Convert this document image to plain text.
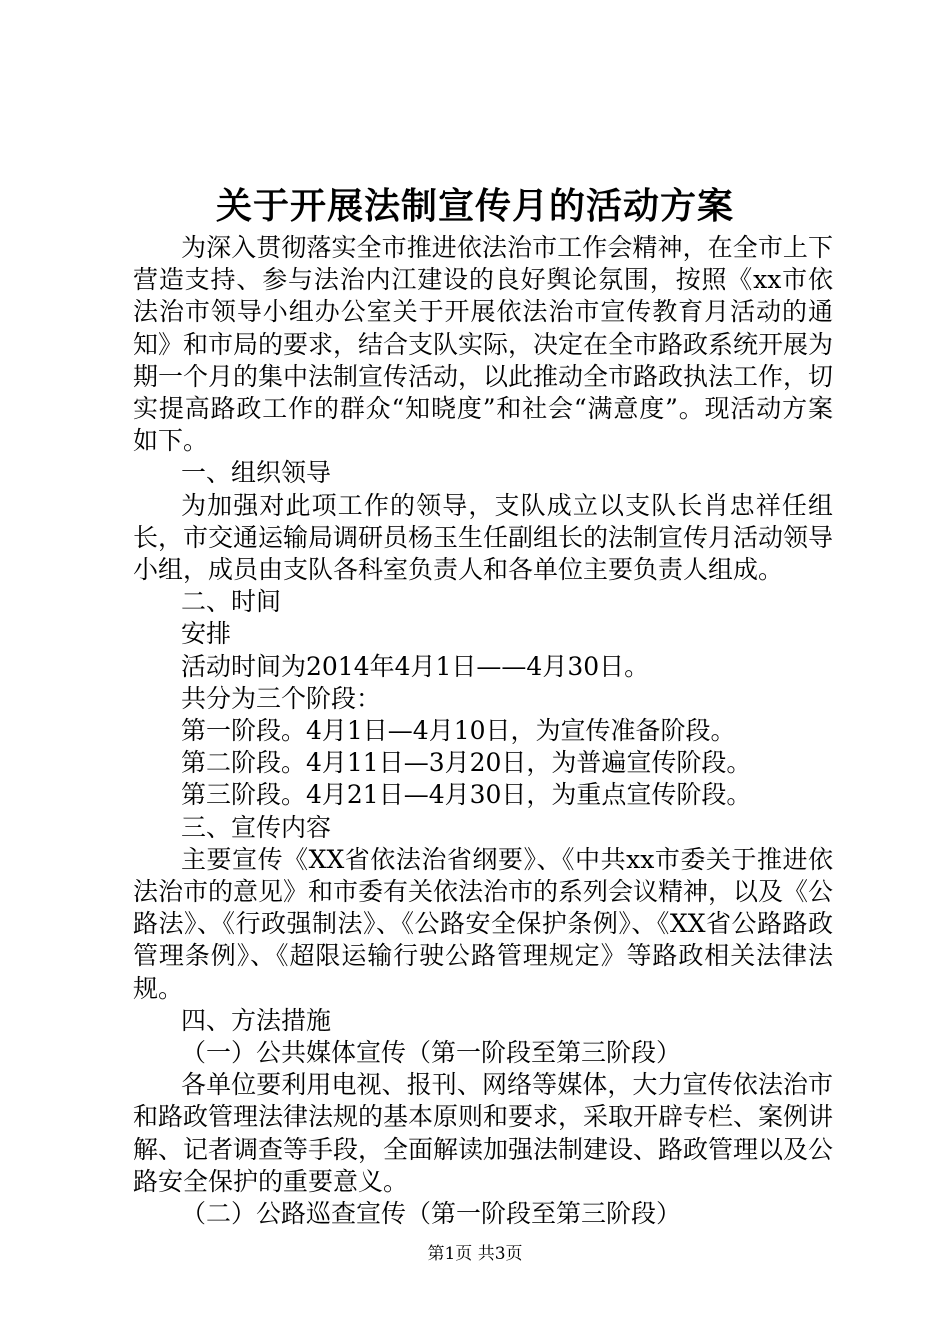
关于开展法制宣传月的活动方案

为深入贯彻落实全市推进依法治市工作会精神，在全市上下营造支持、参与法治内江建设的良好舆论氛围，按照《xx市依法治市领导小组办公室关于开展依法治市宣传教育月活动的通知》和市局的要求，结合支队实际，决定在全市路政系统开展为期一个月的集中法制宣传活动，以此推动全市路政执法工作，切实提高路政工作的群众“知晓度”和社会“满意度”。现活动方案如下。

一、组织领导

为加强对此项工作的领导，支队成立以支队长肖忠祥任组长，市交通运输局调研员杨玉生任副组长的法制宣传月活动领导小组，成员由支队各科室负责人和各单位主要负责人组成。

二、时间

安排

活动时间为2014年4月1日——4月30日。

共分为三个阶段：

第一阶段。4月1日—4月10日，为宣传准备阶段。

第二阶段。4月11日—3月20日，为普遍宣传阶段。

第三阶段。4月21日—4月30日，为重点宣传阶段。

三、宣传内容

主要宣传《XX省依法治省纲要》、《中共xx市委关于推进依法治市的意见》和市委有关依法治市的系列会议精神，以及《公路法》、《行政强制法》、《公路安全保护条例》、《XX省公路路政管理条例》、《超限运输行驶公路管理规定》等路政相关法律法规。

四、方法措施

（一）公共媒体宣传（第一阶段至第三阶段）

各单位要利用电视、报刊、网络等媒体，大力宣传依法治市和路政管理法律法规的基本原则和要求，采取开辟专栏、案例讲解、记者调查等手段，全面解读加强法制建设、路政管理以及公路安全保护的重要意义。

（二）公路巡查宣传（第一阶段至第三阶段）

第1页 共3页
